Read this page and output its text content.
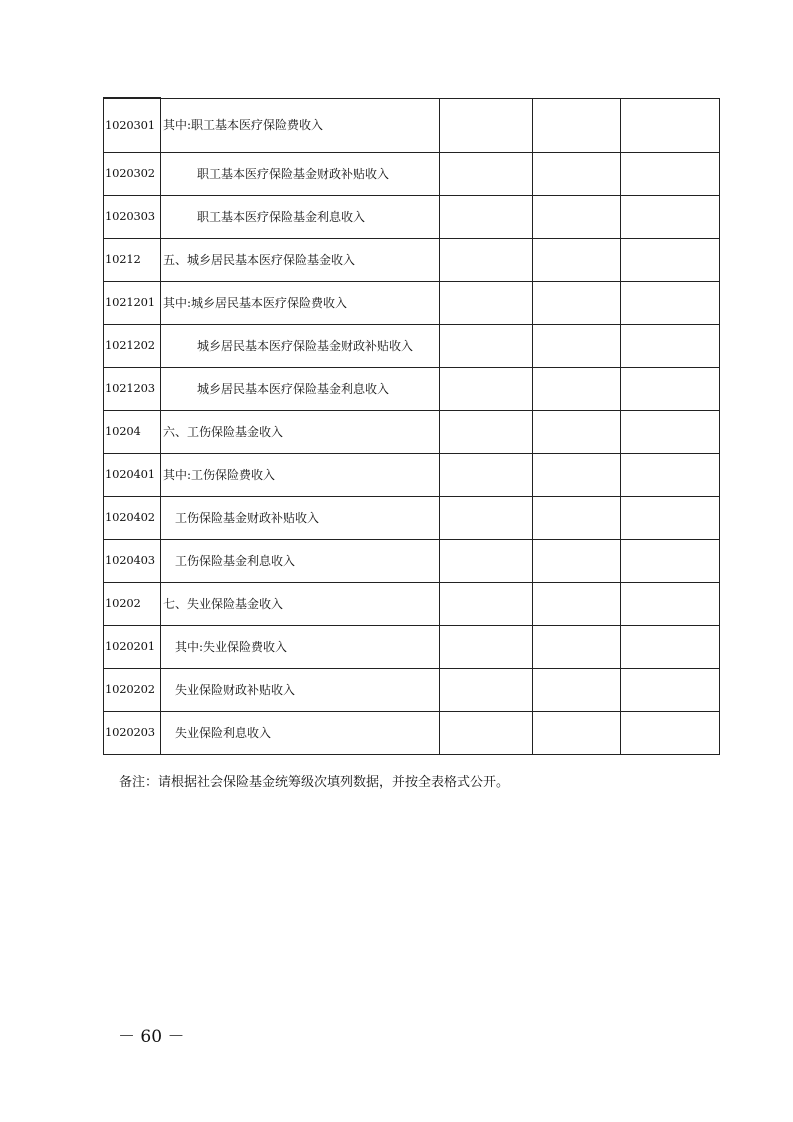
1020301	其中:职工基本医疗保险费收入			
1020302	职工基本医疗保险基金财政补贴收入			
1020303	职工基本医疗保险基金利息收入			
10212	五、城乡居民基本医疗保险基金收入			
1021201	其中:城乡居民基本医疗保险费收入			
1021202	城乡居民基本医疗保险基金财政补贴收入			
1021203	城乡居民基本医疗保险基金利息收入			
10204	六、工伤保险基金收入			
1020401	其中:工伤保险费收入			
1020402	工伤保险基金财政补贴收入			
1020403	工伤保险基金利息收入			
10202	七、失业保险基金收入			
1020201	其中:失业保险费收入			
1020202	失业保险财政补贴收入			
1020203	失业保险利息收入			
备注：请根据社会保险基金统筹级次填列数据，并按全表格式公开。
－ 60 －
